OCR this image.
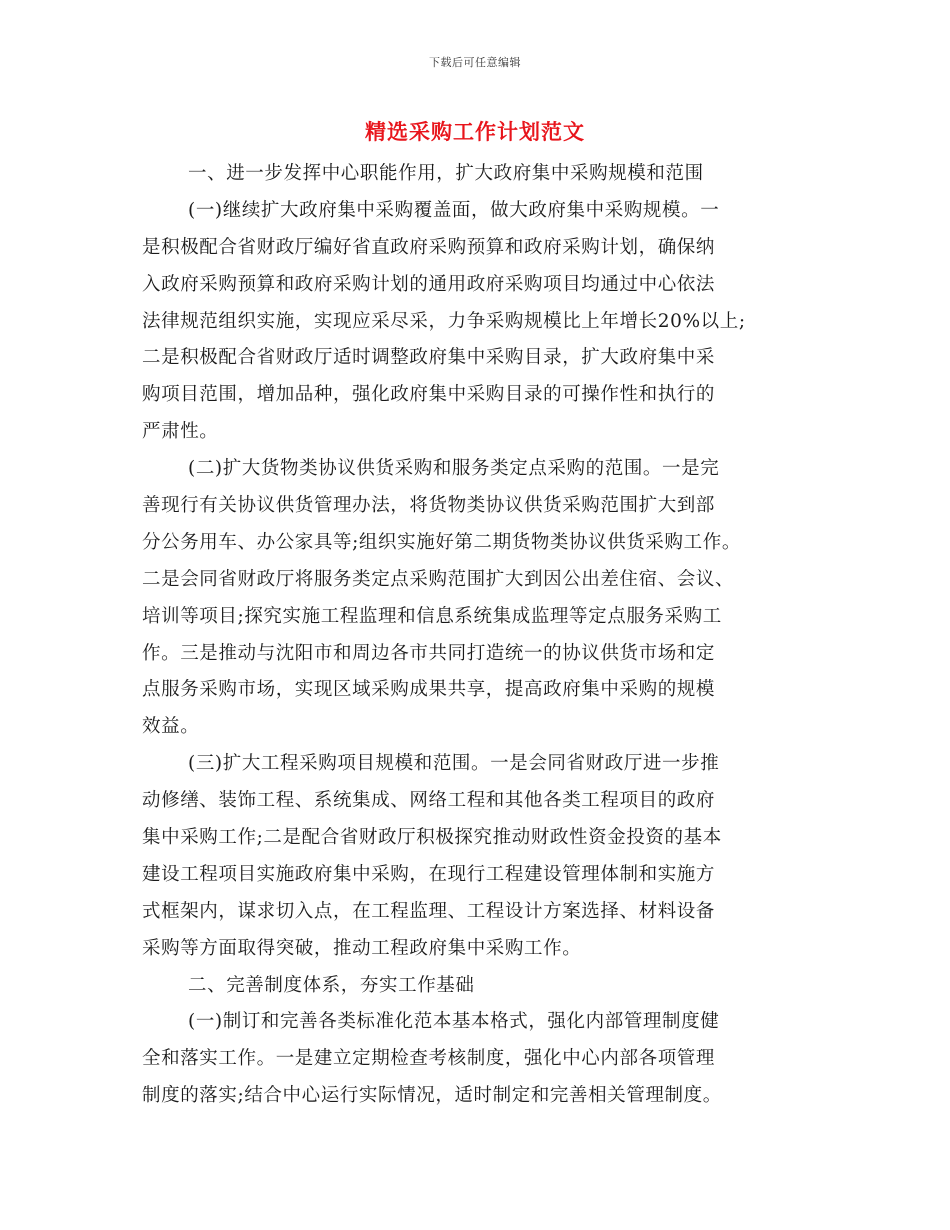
下载后可任意编辑
精选采购工作计划范文
一、进一步发挥中心职能作用，扩大政府集中采购规模和范围
(一)继续扩大政府集中采购覆盖面，做大政府集中采购规模。一
是积极配合省财政厅编好省直政府采购预算和政府采购计划，确保纳
入政府采购预算和政府采购计划的通用政府采购项目均通过中心依法
法律规范组织实施，实现应采尽采，力争采购规模比上年增长20%以上;
二是积极配合省财政厅适时调整政府集中采购目录，扩大政府集中采
购项目范围，增加品种，强化政府集中采购目录的可操作性和执行的
严肃性。
(二)扩大货物类协议供货采购和服务类定点采购的范围。一是完
善现行有关协议供货管理办法，将货物类协议供货采购范围扩大到部
分公务用车、办公家具等;组织实施好第二期货物类协议供货采购工作。
二是会同省财政厅将服务类定点采购范围扩大到因公出差住宿、会议、
培训等项目;探究实施工程监理和信息系统集成监理等定点服务采购工
作。三是推动与沈阳市和周边各市共同打造统一的协议供货市场和定
点服务采购市场，实现区域采购成果共享，提高政府集中采购的规模
效益。
(三)扩大工程采购项目规模和范围。一是会同省财政厅进一步推
动修缮、装饰工程、系统集成、网络工程和其他各类工程项目的政府
集中采购工作;二是配合省财政厅积极探究推动财政性资金投资的基本
建设工程项目实施政府集中采购，在现行工程建设管理体制和实施方
式框架内，谋求切入点，在工程监理、工程设计方案选择、材料设备
采购等方面取得突破，推动工程政府集中采购工作。
二、完善制度体系，夯实工作基础
(一)制订和完善各类标准化范本基本格式，强化内部管理制度健
全和落实工作。一是建立定期检查考核制度，强化中心内部各项管理
制度的落实;结合中心运行实际情况，适时制定和完善相关管理制度。
